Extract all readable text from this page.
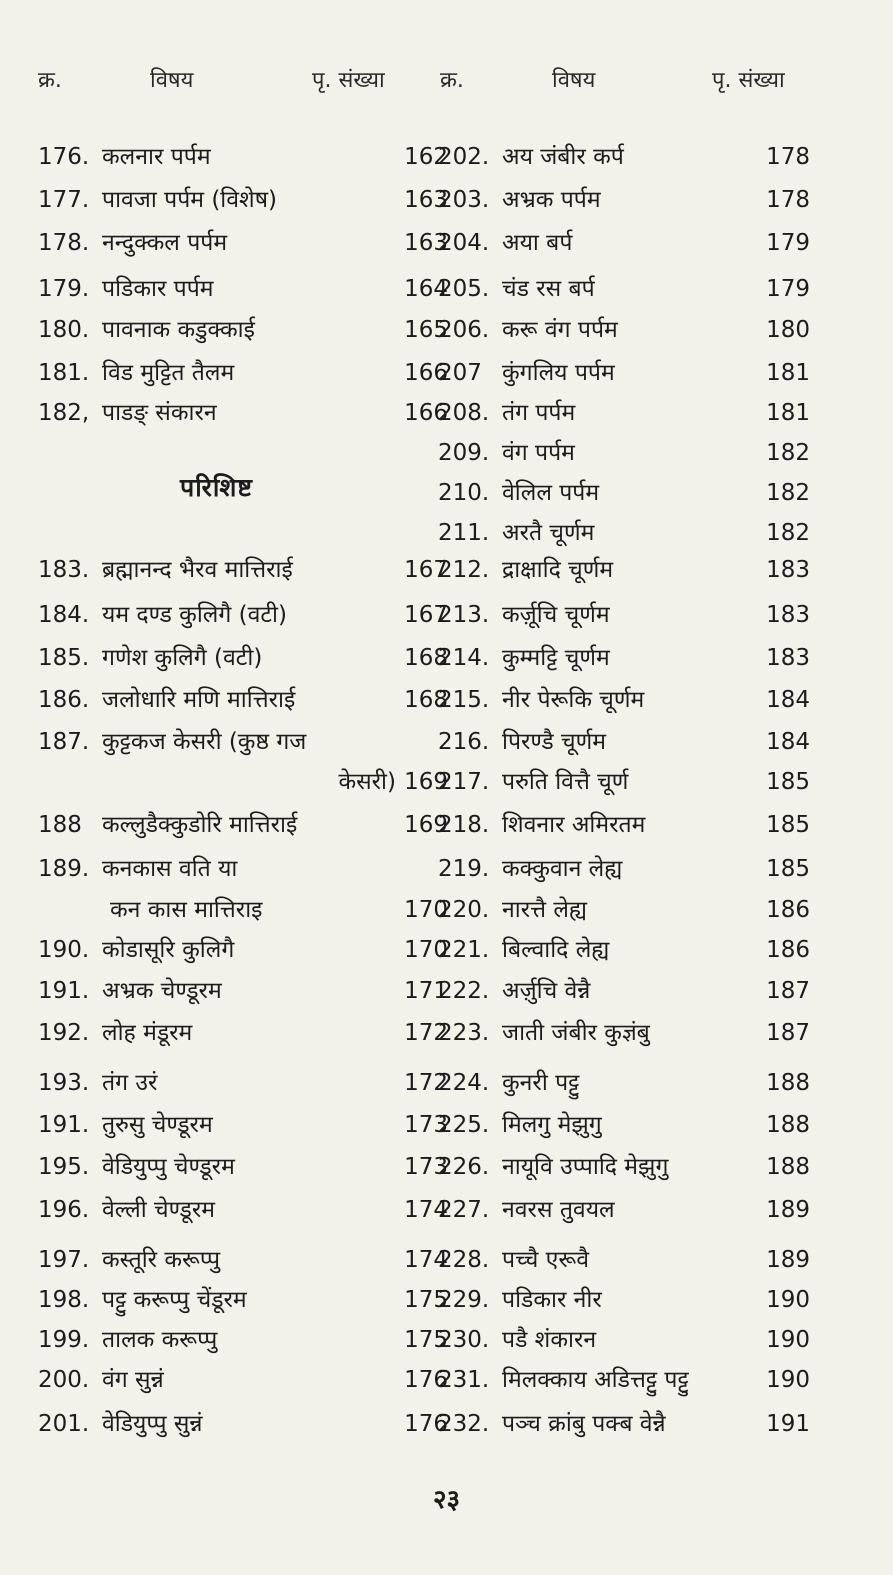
क्र.	विषय	पृ. संख्या	क्र.	विषय	पृ. संख्या
176. कलनार पर्पम	162
177. पावजा पर्पम (विशेष)	163
178. नन्दुक्कल पर्पम	163
179. पडिकार पर्पम	164
180. पावनाक कडुक्काई	165
181. विड मुट्टित तैलम	166
182, पाडङ् संकारन	166
183. ब्रह्मानन्द भैरव मात्तिराई	167
184. यम दण्ड कुलिगै (वटी)	167
185. गणेश कुलिगै (वटी)	168
186. जलोधारि मणि मात्तिराई	168
187. कुट्टकज केसरी (कुष्ठ गज
केसरी) 169
188 कल्लुडैक्कुडोरि मात्तिराई	169
189. कनकास वति या
कन कास मात्तिराइ	170
190. कोडासूरि कुलिगै	170
191. अभ्रक चेण्डूरम	171
192. लोह मंडूरम	172
193. तंग उरं	172
191. तुरुसु चेण्डूरम	173
195. वेडियुप्पु चेण्डूरम	173
196. वेल्ली चेण्डूरम	174
197. कस्तूरि करूप्पु	174
198. पट्टु करूप्पु चेंडूरम	175
199. तालक करूप्पु	175
200. वंग सुन्नं	176
201. वेडियुप्पु सुन्नं	176
परिशिष्ट
202. अय जंबीर कर्प	178
203. अभ्रक पर्पम	178
204. अया बर्प	179
205. चंड रस बर्प	179
206. करू वंग पर्पम	180
207 कुंगलिय पर्पम	181
208. तंग पर्पम	181
209. वंग पर्पम	182
210. वेलिल पर्पम	182
211. अरतै चूर्णम	182
212. द्राक्षादि चूर्णम	183
213. कर्ज़ूचि चूर्णम	183
214. कुम्मट्टि चूर्णम	183
215. नीर पेरूकि चूर्णम	184
216. पिरण्डै चूर्णम	184
217. परुति वित्तै चूर्ण	185
218. शिवनार अमिरतम	185
219. कक्कुवान लेह्य	185
220. नारत्तै लेह्य	186
221. बिल्वादि लेह्य	186
222. अर्ज़ुचि वेन्नै	187
223. जाती जंबीर कुज्ञंबु	187
224. कुनरी पट्टु	188
225. मिलगु मेझुगु	188
226. नायूवि उप्पादि मेझुगु	188
227. नवरस तुवयल	189
228. पच्चै एरूवै	189
229. पडिकार नीर	190
230. पडै शंकारन	190
231. मिलक्काय अडित्तट्टु पट्टु	190
232. पञ्च क्रांबु पक्ब वेन्नै	191
२३
